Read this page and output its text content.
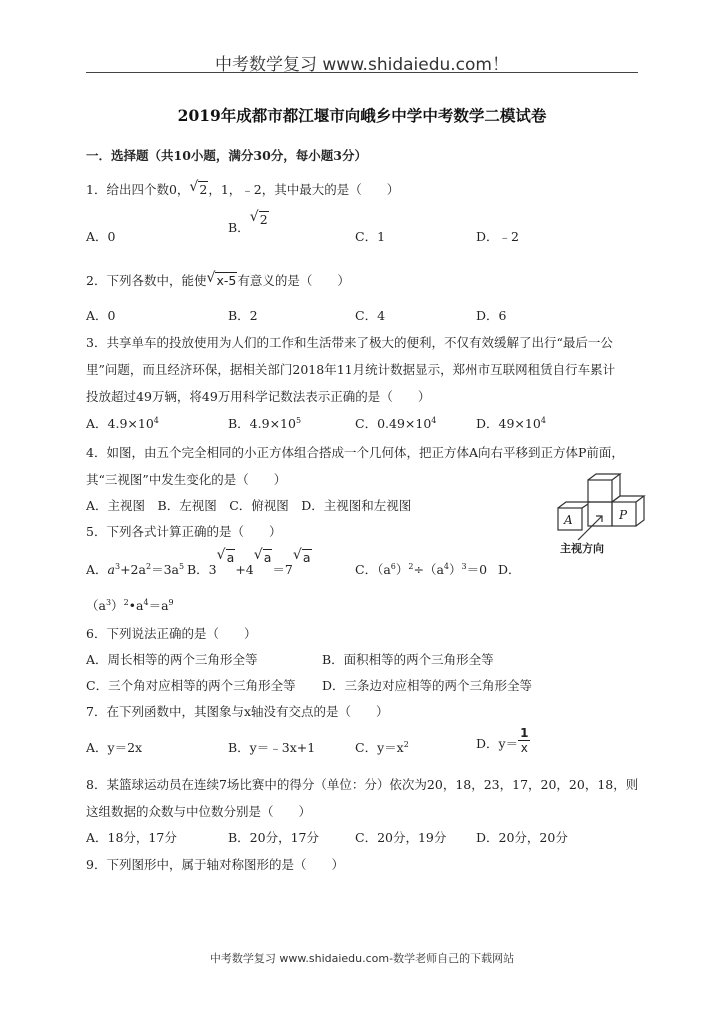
中考数学复习 www.shidaiedu.com！
2019年成都市都江堰市向峨乡中学中考数学二模试卷
一．选择题（共10小题，满分30分，每小题3分）
1．给出四个数0， √ 2，1，﹣2，其中最大的是（　　）
A．0
B．√ 2
C．1	D．﹣2
2．下列各数中，能使 √ x-5有意义的是（　　）
A．0	B．2	C．4	D．6
3．共享单车的投放使用为人们的工作和生活带来了极大的便利，不仅有效缓解了出行“最后一公
里”问题，而且经济环保，据相关部门2018年11月统计数据显示，郑州市互联网租赁自行车累计
投放超过49万辆，将49万用科学记数法表示正确的是（　　）
A．$4.9\times 10^4$	B．$4.9\times 10^5$	C．$0.49\times 10^4$	D．$49\times 10^4$
4．如图，由五个完全相同的小正方体组合搭成一个几何体，把正方体A向右平移到正方体P前面，
其“三视图”中发生变化的是（　　）
A．主视图　B．左视图　C．俯视图　D．主视图和左视图
A	P
主视方向
5．下列各式计算正确的是（　　）
A．$a^3+2a^2=3a^5$ B．3√ a+4√ a＝7√ a
C．$(a^6)^2\div(a^4)^3=0$ D．
$(a^3)^2•a^4=a^9$
6．下列说法正确的是（　　）
A．周长相等的两个三角形全等	B．面积相等的两个三角形全等
C．三个角对应相等的两个三角形全等 D．三条边对应相等的两个三角形全等
7．在下列函数中，其图象与x轴没有交点的是（　　）
A．y＝2x	B．y＝﹣3x+1	C．$y=x^2$	D．$y= \frac{1}{x}$
8．某篮球运动员在连续7场比赛中的得分（单位：分）依次为20，18，23，17，20，20，18，则
这组数据的众数与中位数分别是（　　）
A．18分，17分	B．20分，17分	C．20分，19分 D．20分，20分
9．下列图形中，属于轴对称图形的是（　　）
中考数学复习 www.shidaiedu.com-数学老师自己的下载网站
